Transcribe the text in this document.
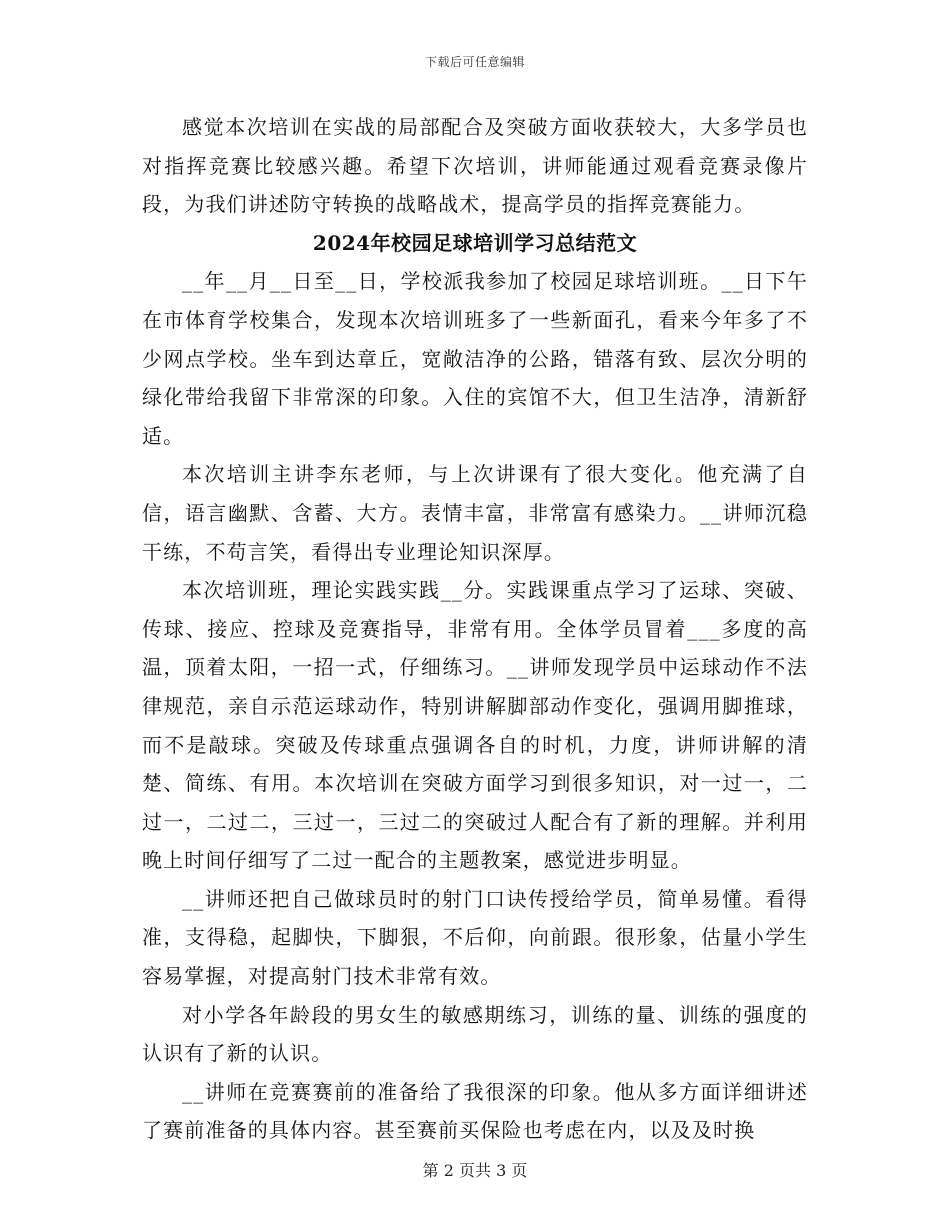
下载后可任意编辑

感觉本次培训在实战的局部配合及突破方面收获较大，大多学员也对指挥竞赛比较感兴趣。希望下次培训，讲师能通过观看竞赛录像片段，为我们讲述防守转换的战略战术，提高学员的指挥竞赛能力。

2024年校园足球培训学习总结范文

__年__月__日至__日，学校派我参加了校园足球培训班。__日下午在市体育学校集合，发现本次培训班多了一些新面孔，看来今年多了不少网点学校。坐车到达章丘，宽敞洁净的公路，错落有致、层次分明的绿化带给我留下非常深的印象。入住的宾馆不大，但卫生洁净，清新舒适。

本次培训主讲李东老师，与上次讲课有了很大变化。他充满了自信，语言幽默、含蓄、大方。表情丰富，非常富有感染力。__讲师沉稳干练，不苟言笑，看得出专业理论知识深厚。

本次培训班，理论实践实践__分。实践课重点学习了运球、突破、传球、接应、控球及竞赛指导，非常有用。全体学员冒着___多度的高温，顶着太阳，一招一式，仔细练习。__讲师发现学员中运球动作不法律规范，亲自示范运球动作，特别讲解脚部动作变化，强调用脚推球，而不是敲球。突破及传球重点强调各自的时机，力度，讲师讲解的清楚、简练、有用。本次培训在突破方面学习到很多知识，对一过一，二过一，二过二，三过一，三过二的突破过人配合有了新的理解。并利用晚上时间仔细写了二过一配合的主题教案，感觉进步明显。

__讲师还把自己做球员时的射门口诀传授给学员，简单易懂。看得准，支得稳，起脚快，下脚狠，不后仰，向前跟。很形象，估量小学生容易掌握，对提高射门技术非常有效。

对小学各年龄段的男女生的敏感期练习，训练的量、训练的强度的认识有了新的认识。

__讲师在竞赛赛前的准备给了我很深的印象。他从多方面详细讲述了赛前准备的具体内容。甚至赛前买保险也考虑在内，以及及时换

第 2 页共 3 页
